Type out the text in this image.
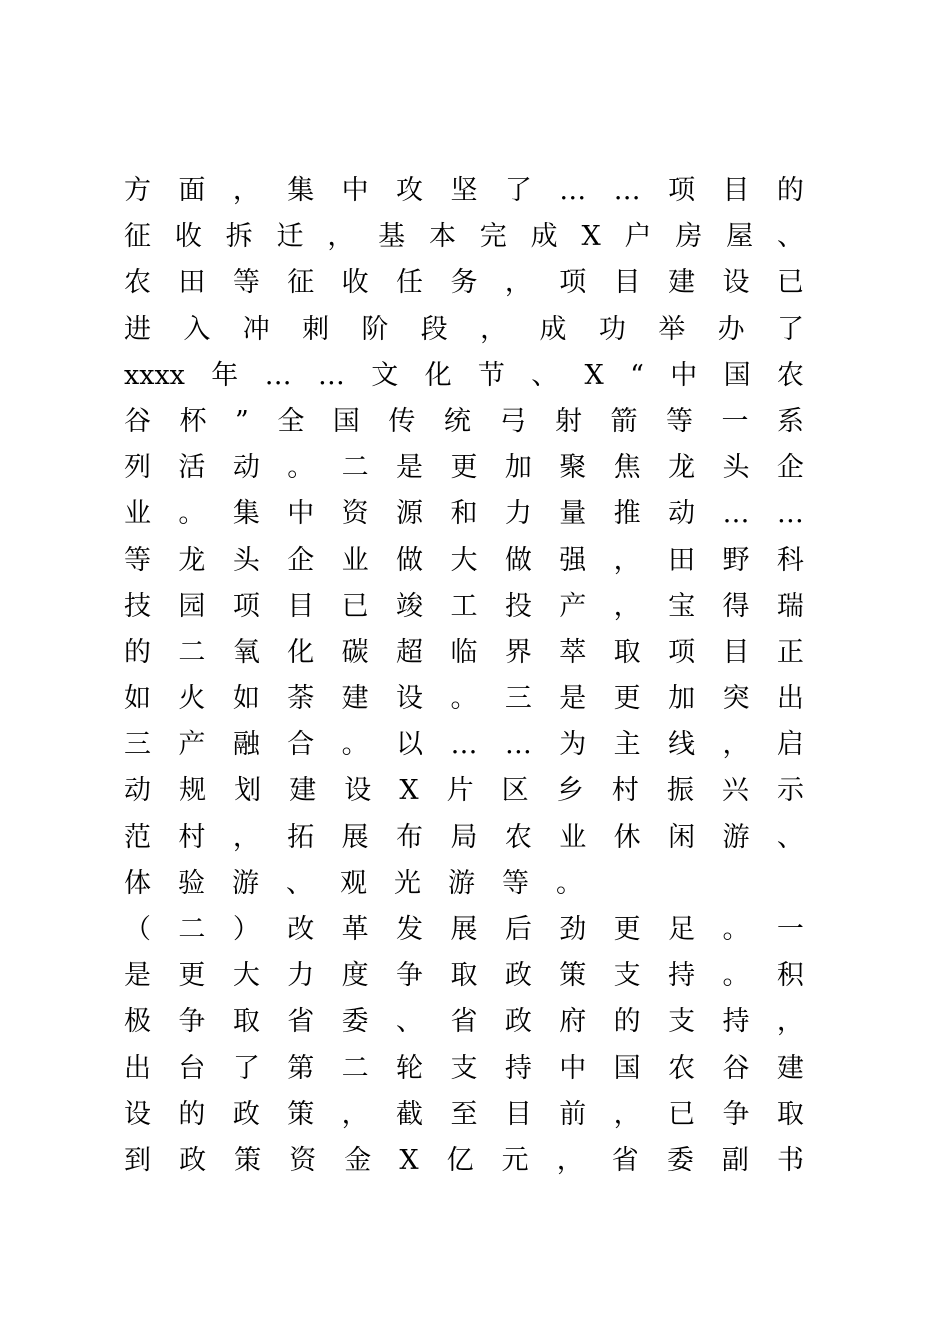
方 面 ， 集 中 攻 坚 了 … … 项 目 的
征 收 拆 迁 ， 基 本 完 成 X 户 房 屋 、
农 田 等 征 收 任 务 ， 项 目 建 设 已
进 入 冲 刺 阶 段 ， 成 功 举 办 了
xxxx 年 … … 文 化 节 、 X “ 中 国 农
谷 杯 ” 全 国 传 统 弓 射 箭 等 一 系
列 活 动 。 二 是 更 加 聚 焦 龙 头 企
业 。 集 中 资 源 和 力 量 推 动 … …
等 龙 头 企 业 做 大 做 强 ， 田 野 科
技 园 项 目 已 竣 工 投 产 ， 宝 得 瑞
的 二 氧 化 碳 超 临 界 萃 取 项 目 正
如 火 如 荼 建 设 。 三 是 更 加 突 出
三 产 融 合 。 以 … … 为 主 线 ， 启
动 规 划 建 设 X 片 区 乡 村 振 兴 示
范 村 ， 拓 展 布 局 农 业 休 闲 游 、
体 验 游 、 观 光 游 等 。
（ 二 ） 改 革 发 展 后 劲 更 足 。 一
是 更 大 力 度 争 取 政 策 支 持 。 积
极 争 取 省 委 、 省 政 府 的 支 持 ，
出 台 了 第 二 轮 支 持 中 国 农 谷 建
设 的 政 策 ， 截 至 目 前 ， 已 争 取
到 政 策 资 金 X 亿 元 ， 省 委 副 书
